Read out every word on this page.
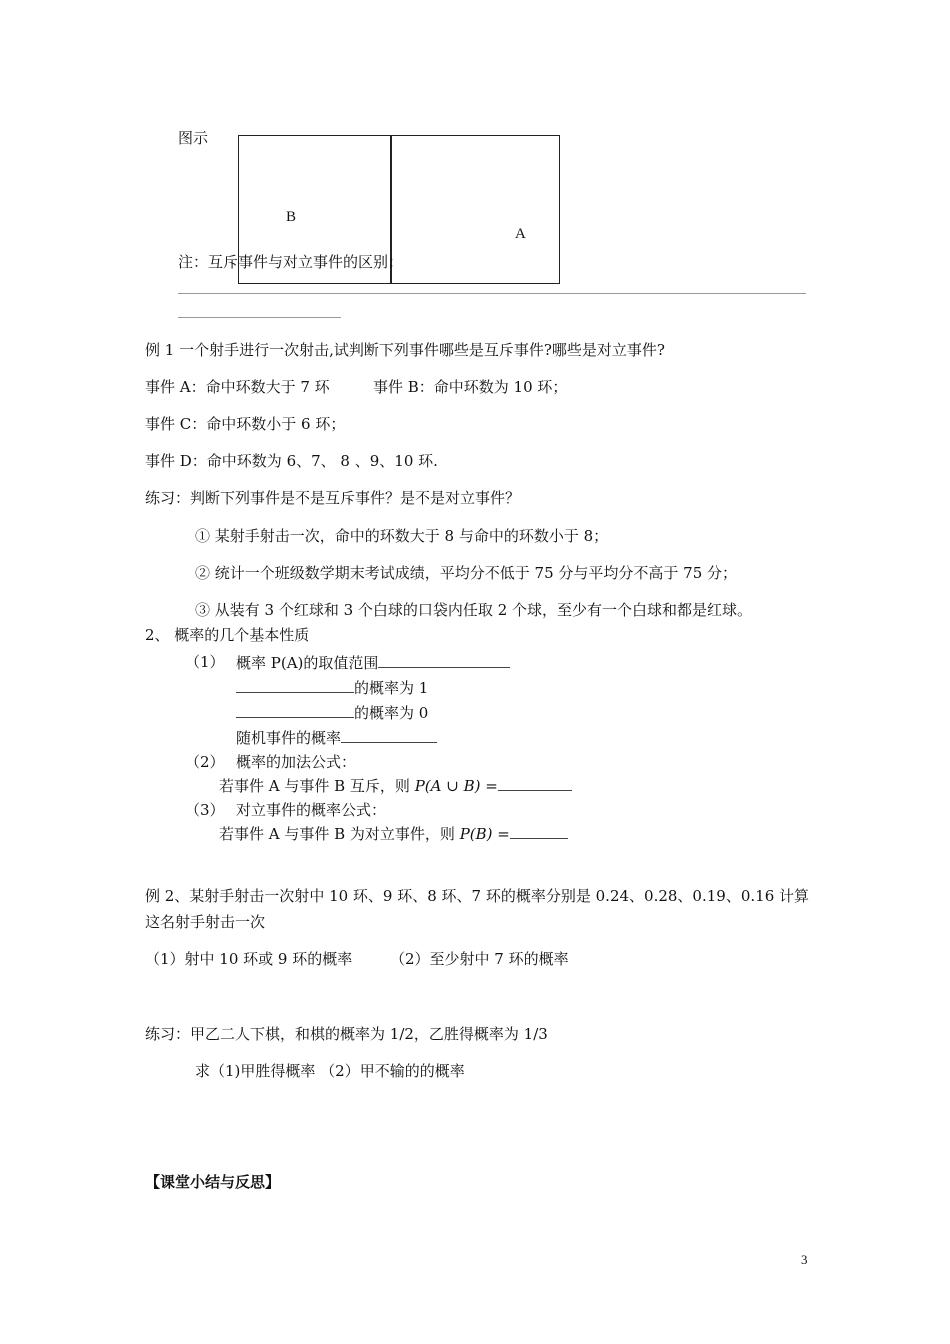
图示
B
A
注：互斥事件与对立事件的区别：
例 1 一个射手进行一次射击,试判断下列事件哪些是互斥事件?哪些是对立事件?
事件 A：命中环数大于 7 环	事件 B：命中环数为 10 环；
事件 C：命中环数小于 6 环；
事件 D：命中环数为 6、7、 8 、9、10 环.
练习：判断下列事件是不是互斥事件？是不是对立事件？
① 某射手射击一次，命中的环数大于 8 与命中的环数小于 8；
② 统计一个班级数学期末考试成绩，平均分不低于 75 分与平均分不高于 75 分；
③ 从装有 3 个红球和 3 个白球的口袋内任取 2 个球，至少有一个白球和都是红球。
2、 概率的几个基本性质
（1） 概率 P(A)的取值范围
的概率为 1
的概率为 0
随机事件的概率
（2） 概率的加法公式：
若事件 A 与事件 B 互斥，则 P(A ∪ B) =
（3） 对立事件的概率公式：
若事件 A 与事件 B 为对立事件，则 P(B) =
例 2、某射手射击一次射中 10 环、9 环、8 环、7 环的概率分别是 0.24、0.28、0.19、0.16 计算
这名射手射击一次
（1）射中 10 环或 9 环的概率	（2）至少射中 7 环的概率
练习：甲乙二人下棋，和棋的概率为 1/2，乙胜得概率为 1/3
求（1)甲胜得概率 （2）甲不输的的概率
【课堂小结与反思】
3
